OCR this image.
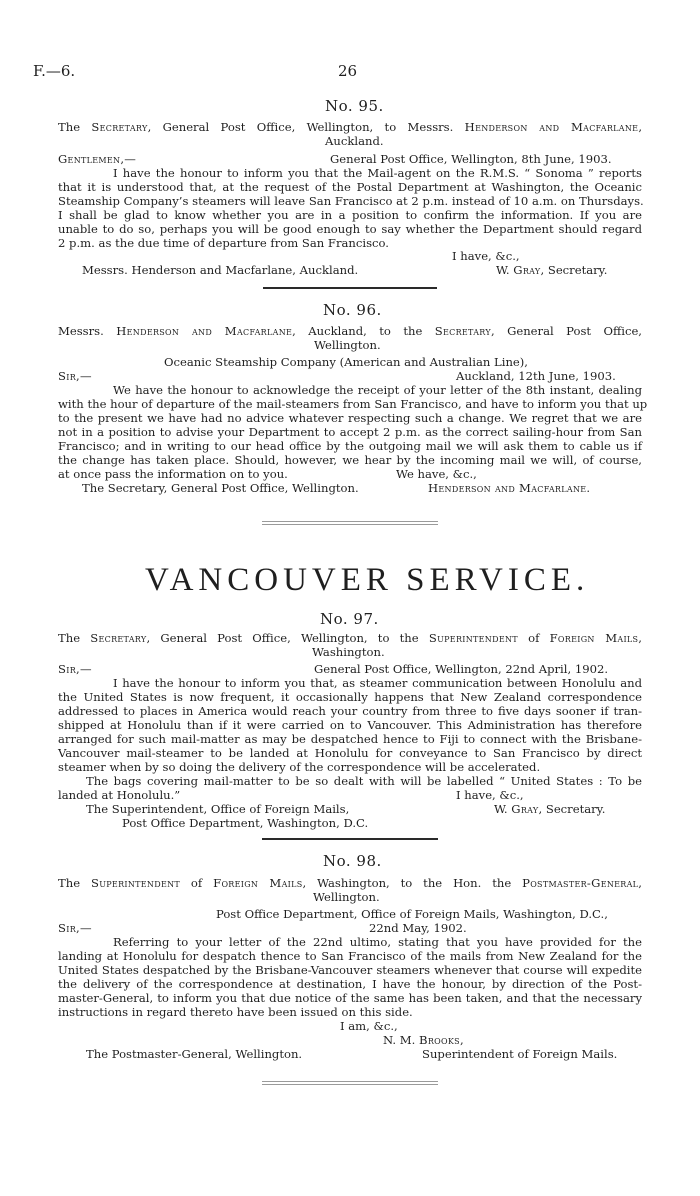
F.—6.	26
No. 95.
The Secretary, General Post Office, Wellington, to Messrs. Henderson and Macfarlane,
Auckland.
Gentlemen,—	General Post Office, Wellington, 8th June, 1903.
I have the honour to inform you that the Mail-agent on the R.M.S. “ Sonoma ” reports
that it is understood that, at the request of the Postal Department at Washington, the Oceanic
Steamship Company’s steamers will leave San Francisco at 2 p.m. instead of 10 a.m. on Thursdays.
I shall be glad to know whether you are in a position to confirm the information. If you are
unable to do so, perhaps you will be good enough to say whether the Department should regard
2 p.m. as the due time of departure from San Francisco.
I have, &c.,
Messrs. Henderson and Macfarlane, Auckland.	W. Gray, Secretary.
No. 96.
Messrs. Henderson and Macfarlane, Auckland, to the Secretary, General Post Office,
Wellington.
Oceanic Steamship Company (American and Australian Line),
Sir,—	Auckland, 12th June, 1903.
We have the honour to acknowledge the receipt of your letter of the 8th instant, dealing
with the hour of departure of the mail-steamers from San Francisco, and have to inform you that up
to the present we have had no advice whatever respecting such a change. We regret that we are
not in a position to advise your Department to accept 2 p.m. as the correct sailing-hour from San
Francisco; and in writing to our head office by the outgoing mail we will ask them to cable us if
the change has taken place. Should, however, we hear by the incoming mail we will, of course,
at once pass the information on to you.	We have, &c.,
The Secretary, General Post Office, Wellington.	Henderson and Macfarlane.
VANCOUVER SERVICE.
No. 97.
The Secretary, General Post Office, Wellington, to the Superintendent of Foreign Mails,
Washington.
Sir,—	General Post Office, Wellington, 22nd April, 1902.
I have the honour to inform you that, as steamer communication between Honolulu and
the United States is now frequent, it occasionally happens that New Zealand correspondence
addressed to places in America would reach your country from three to five days sooner if tran-
shipped at Honolulu than if it were carried on to Vancouver. This Administration has therefore
arranged for such mail-matter as may be despatched hence to Fiji to connect with the Brisbane-
Vancouver mail-steamer to be landed at Honolulu for conveyance to San Francisco by direct
steamer when by so doing the delivery of the correspondence will be accelerated.
The bags covering mail-matter to be so dealt with will be labelled “ United States : To be
landed at Honolulu.”	I have, &c.,
The Superintendent, Office of Foreign Mails,	W. Gray, Secretary.
Post Office Department, Washington, D.C.
No. 98.
The Superintendent of Foreign Mails, Washington, to the Hon. the Postmaster-General,
Wellington.
Post Office Department, Office of Foreign Mails, Washington, D.C.,
Sir,—	22nd May, 1902.
Referring to your letter of the 22nd ultimo, stating that you have provided for the
landing at Honolulu for despatch thence to San Francisco of the mails from New Zealand for the
United States despatched by the Brisbane-Vancouver steamers whenever that course will expedite
the delivery of the correspondence at destination, I have the honour, by direction of the Post-
master-General, to inform you that due notice of the same has been taken, and that the necessary
instructions in regard thereto have been issued on this side.
I am, &c.,
N. M. Brooks,
The Postmaster-General, Wellington.	Superintendent of Foreign Mails.
